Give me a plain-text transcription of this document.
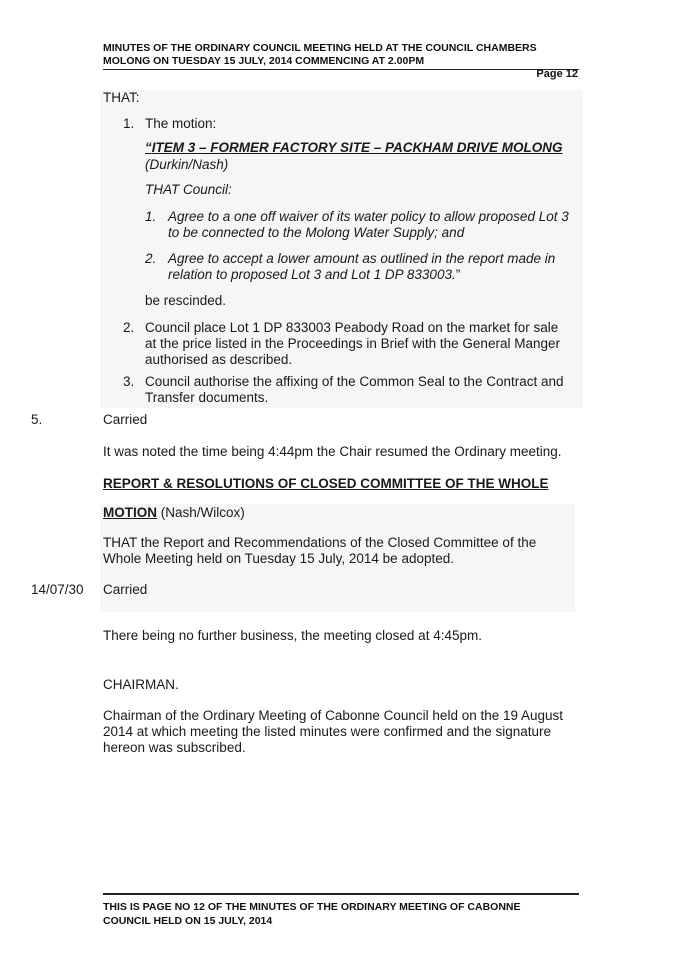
MINUTES OF THE ORDINARY COUNCIL MEETING HELD AT THE COUNCIL CHAMBERS

MOLONG ON TUESDAY 15 JULY, 2014 COMMENCING AT 2.00PM
Page 12
THAT:
1. The motion:
“ITEM 3 – FORMER FACTORY SITE – PACKHAM DRIVE MOLONG
(Durkin/Nash)
THAT Council:
1. Agree to a one off waiver of its water policy to allow proposed Lot 3
to be connected to the Molong Water Supply; and
2. Agree to accept a lower amount as outlined in the report made in
relation to proposed Lot 3 and Lot 1 DP 833003.”
be rescinded.
2. Council place Lot 1 DP 833003 Peabody Road on the market for sale
at the price listed in the Proceedings in Brief with the General Manger
authorised as described.
3. Council authorise the affixing of the Common Seal to the Contract and
Transfer documents.
5.	Carried
It was noted the time being 4:44pm the Chair resumed the Ordinary meeting.
REPORT & RESOLUTIONS OF CLOSED COMMITTEE OF THE WHOLE
MOTION (Nash/Wilcox)
THAT the Report and Recommendations of the Closed Committee of the
Whole Meeting held on Tuesday 15 July, 2014 be adopted.
14/07/30 Carried
There being no further business, the meeting closed at 4:45pm.
CHAIRMAN.
Chairman of the Ordinary Meeting of Cabonne Council held on the 19 August
2014 at which meeting the listed minutes were confirmed and the signature
hereon was subscribed.
THIS IS PAGE NO 12 OF THE MINUTES OF THE ORDINARY MEETING OF CABONNE
COUNCIL HELD ON 15 JULY, 2014
